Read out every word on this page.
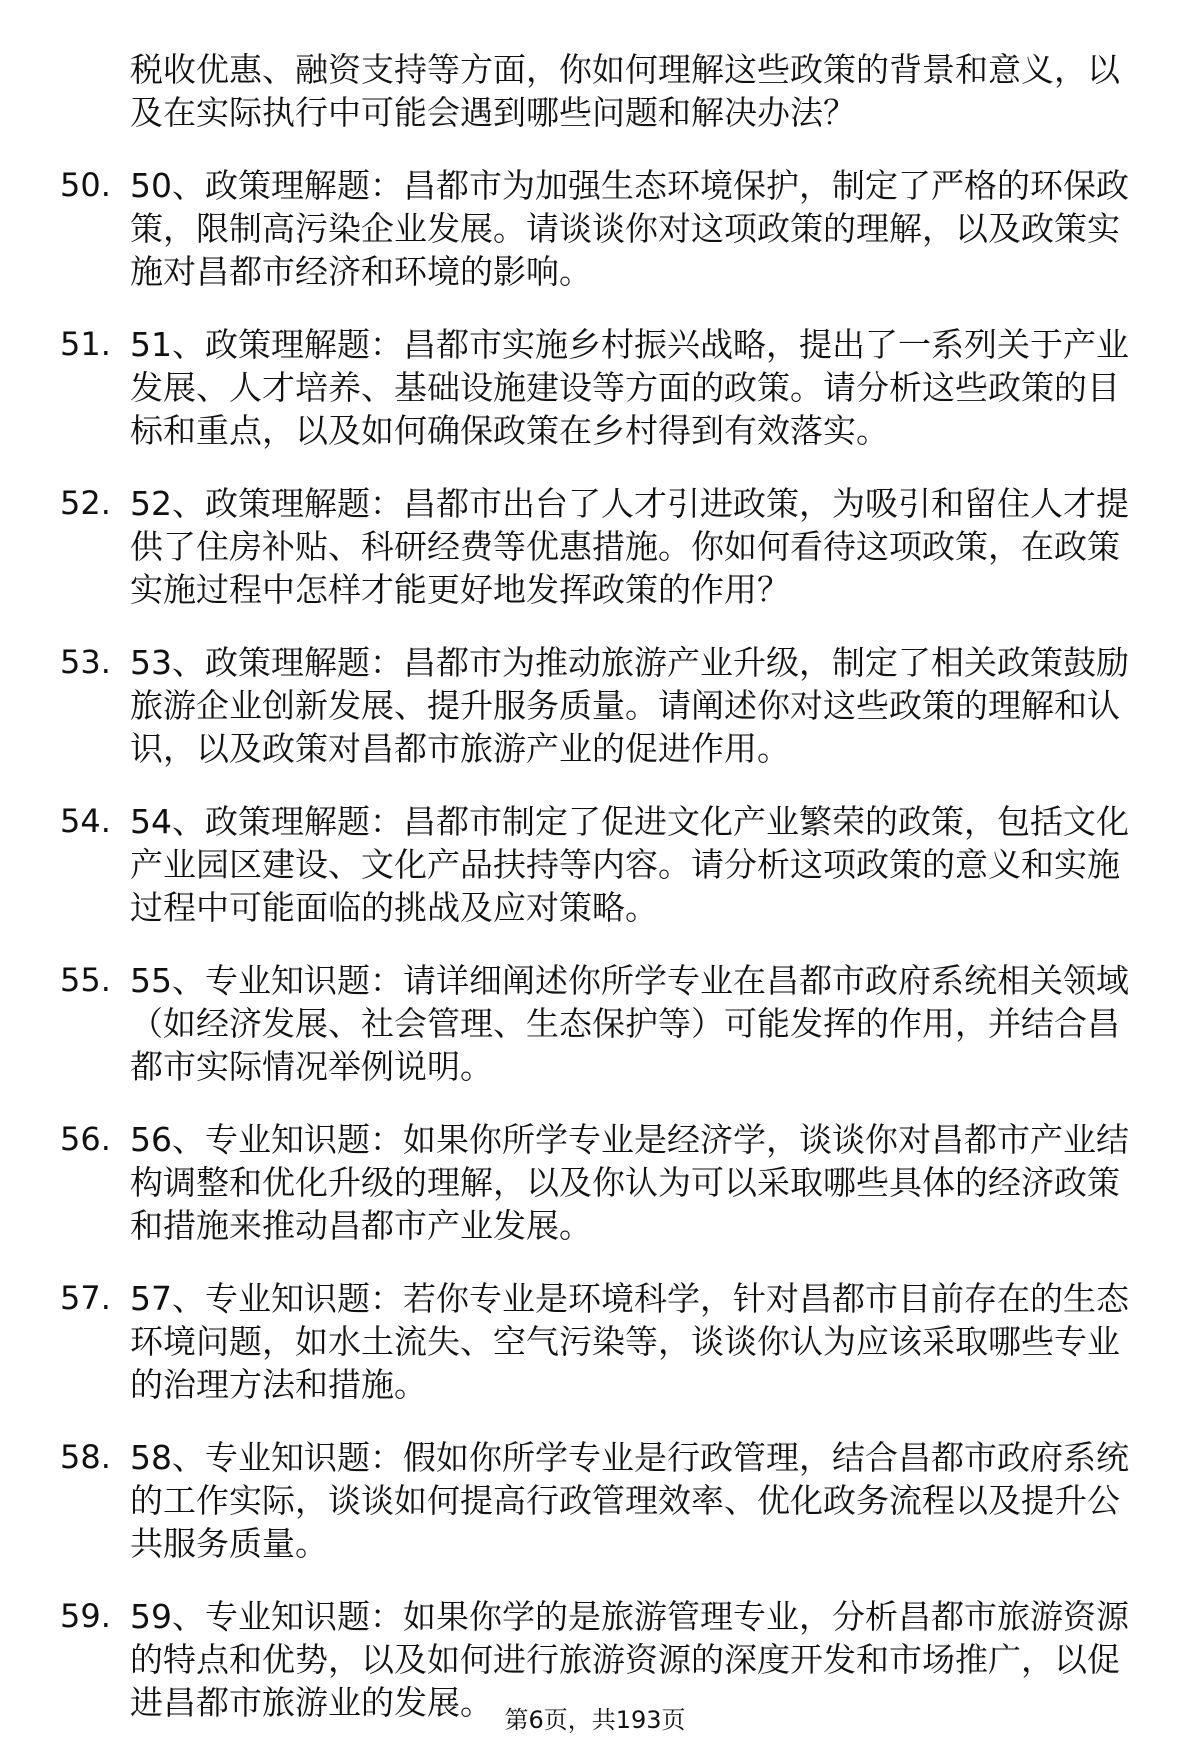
税收优惠、融资支持等方面，你如何理解这些政策的背景和意义，以及在实际执行中可能会遇到哪些问题和解决办法？
50. 50、政策理解题：昌都市为加强生态环境保护，制定了严格的环保政策，限制高污染企业发展。请谈谈你对这项政策的理解，以及政策实施对昌都市经济和环境的影响。
51. 51、政策理解题：昌都市实施乡村振兴战略，提出了一系列关于产业发展、人才培养、基础设施建设等方面的政策。请分析这些政策的目标和重点，以及如何确保政策在乡村得到有效落实。
52. 52、政策理解题：昌都市出台了人才引进政策，为吸引和留住人才提供了住房补贴、科研经费等优惠措施。你如何看待这项政策，在政策实施过程中怎样才能更好地发挥政策的作用？
53. 53、政策理解题：昌都市为推动旅游产业升级，制定了相关政策鼓励旅游企业创新发展、提升服务质量。请阐述你对这些政策的理解和认识，以及政策对昌都市旅游产业的促进作用。
54. 54、政策理解题：昌都市制定了促进文化产业繁荣的政策，包括文化产业园区建设、文化产品扶持等内容。请分析这项政策的意义和实施过程中可能面临的挑战及应对策略。
55. 55、专业知识题：请详细阐述你所学专业在昌都市政府系统相关领域（如经济发展、社会管理、生态保护等）可能发挥的作用，并结合昌都市实际情况举例说明。
56. 56、专业知识题：如果你所学专业是经济学，谈谈你对昌都市产业结构调整和优化升级的理解，以及你认为可以采取哪些具体的经济政策和措施来推动昌都市产业发展。
57. 57、专业知识题：若你专业是环境科学，针对昌都市目前存在的生态环境问题，如水土流失、空气污染等，谈谈你认为应该采取哪些专业的治理方法和措施。
58. 58、专业知识题：假如你所学专业是行政管理，结合昌都市政府系统的工作实际，谈谈如何提高行政管理效率、优化政务流程以及提升公共服务质量。
59. 59、专业知识题：如果你学的是旅游管理专业，分析昌都市旅游资源的特点和优势，以及如何进行旅游资源的深度开发和市场推广，以促进昌都市旅游业的发展。 第6页，共193页
